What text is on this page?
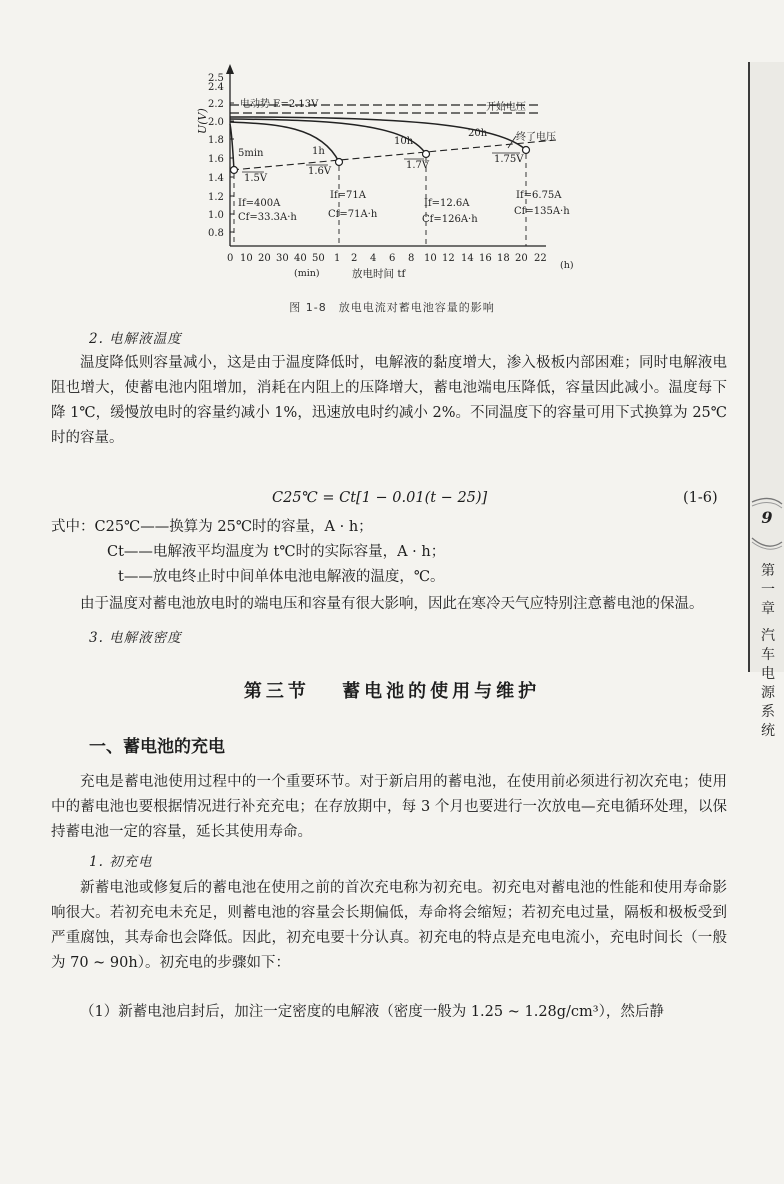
9
第
一
章
汽
车
电
源
系
统
0.8
1.0
1.2
1.4
1.6
1.8
2.0
2.2
2.4
2.5
U(V)
0 10 20 30 40 50 1 2 4 6 8 10 12 14 16 18 20 22
(min)
(h)
放电时间 tf
电动势 E=2.13V	开始电压
终了电压
5min	1h
10h
20h
1.5V
1.6V
1.7V
1.75V
If=400A
Cf=33.3A·h
If=71A
Cf=71A·h
If=12.6A
Cf=126A·h
If=6.75A
Cf=135A·h
图 1-8　放电电流对蓄电池容量的影响
2. 电解液温度

温度降低则容量减小，这是由于温度降低时，电解液的黏度增大，渗入极板内部困难；同时电解液电阻也增大，使蓄电池内阻增加，消耗在内阻上的压降增大，蓄电池端电压降低，容量因此减小。温度每下降 1℃，缓慢放电时的容量约减小 1%，迅速放电时约减小 2%。不同温度下的容量可用下式换算为 25℃时的容量。

C25℃ = Ct[1 − 0.01(t − 25)]	(1-6)
式中：C25℃——换算为 25℃时的容量，A · h；
Ct——电解液平均温度为 t℃时的实际容量，A · h；
t——放电终止时中间单体电池电解液的温度，℃。

由于温度对蓄电池放电时的端电压和容量有很大影响，因此在寒冷天气应特别注意蓄电池的保温。

3. 电解液密度
第三节　 蓄电池的使用与维护
一、蓄电池的充电

充电是蓄电池使用过程中的一个重要环节。对于新启用的蓄电池，在使用前必须进行初次充电；使用中的蓄电池也要根据情况进行补充充电；在存放期中，每 3 个月也要进行一次放电—充电循环处理，以保持蓄电池一定的容量，延长其使用寿命。

1. 初充电

新蓄电池或修复后的蓄电池在使用之前的首次充电称为初充电。初充电对蓄电池的性能和使用寿命影响很大。若初充电未充足，则蓄电池的容量会长期偏低，寿命将会缩短；若初充电过量，隔板和极板受到严重腐蚀，其寿命也会降低。因此，初充电要十分认真。初充电的特点是充电电流小，充电时间长（一般为 70 ~ 90h）。初充电的步骤如下：

（1）新蓄电池启封后，加注一定密度的电解液（密度一般为 1.25 ~ 1.28g/cm³），然后静
